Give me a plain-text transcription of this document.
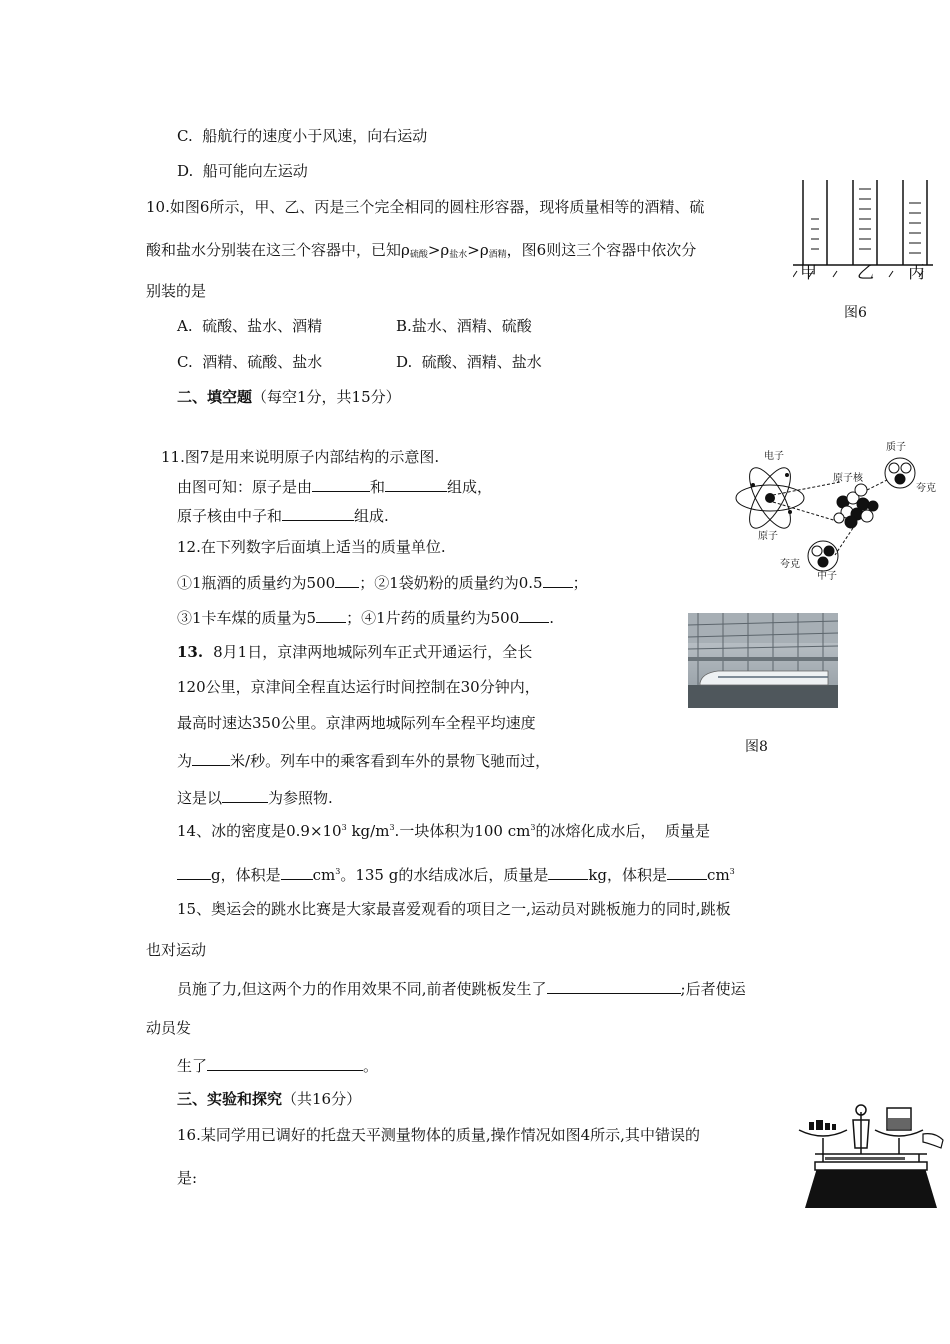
C.  船航行的速度小于风速，向右运动
D.  船可能向左运动
10.如图6所示，甲、乙、丙是三个完全相同的圆柱形容器，现将质量相等的酒精、硫
酸和盐水分别装在这三个容器中，已知$\rho_{硫酸}>\rho_{盐水}>\rho_{酒精}$，图6则这三个容器中依次分
别装的是
A.  硫酸、盐水、酒精	B.盐水、酒精、硫酸
C.  酒精、硫酸、盐水	D.  硫酸、酒精、盐水
甲 乙 丙
图6
二、填空题（每空1分，共15分）
11.图7是用来说明原子内部结构的示意图.
由图可知：原子是由	和	组成，
原子核由中子和	组成.
电子
原子核
质子
夸克
原子
夸克
中子
12.在下列数字后面填上适当的质量单位.
①1瓶酒的质量约为500 ；②1袋奶粉的质量约为0.5 ；
③1卡车煤的质量为5 ；④1片药的质量约为500 .
图8
13. 8月1日，京津两地城际列车正式开通运行，全长
120公里，京津间全程直达运行时间控制在30分钟内，
最高时速达350公里。京津两地城际列车全程平均速度
为	米/秒。列车中的乘客看到车外的景物飞驰而过，
这是以	为参照物.
14、冰的密度是$0.9\times 10^3$ $kg/m^3$.一块体积为100 $cm^3$的冰熔化成水后，  质量是
g，体积是 $cm^3$。135 g的水结成冰后，质量是	kg，体积是	$cm^3$
15、奥运会的跳水比赛是大家最喜爱观看的项目之一,运动员对跳板施力的同时,跳板
也对运动
员施了力,但这两个力的作用效果不同,前者使跳板发生了	;后者使运
动员发
生了	。
三、实验和探究（共16分）
16.某同学用已调好的托盘天平测量物体的质量,操作情况如图4所示,其中错误的
是:
